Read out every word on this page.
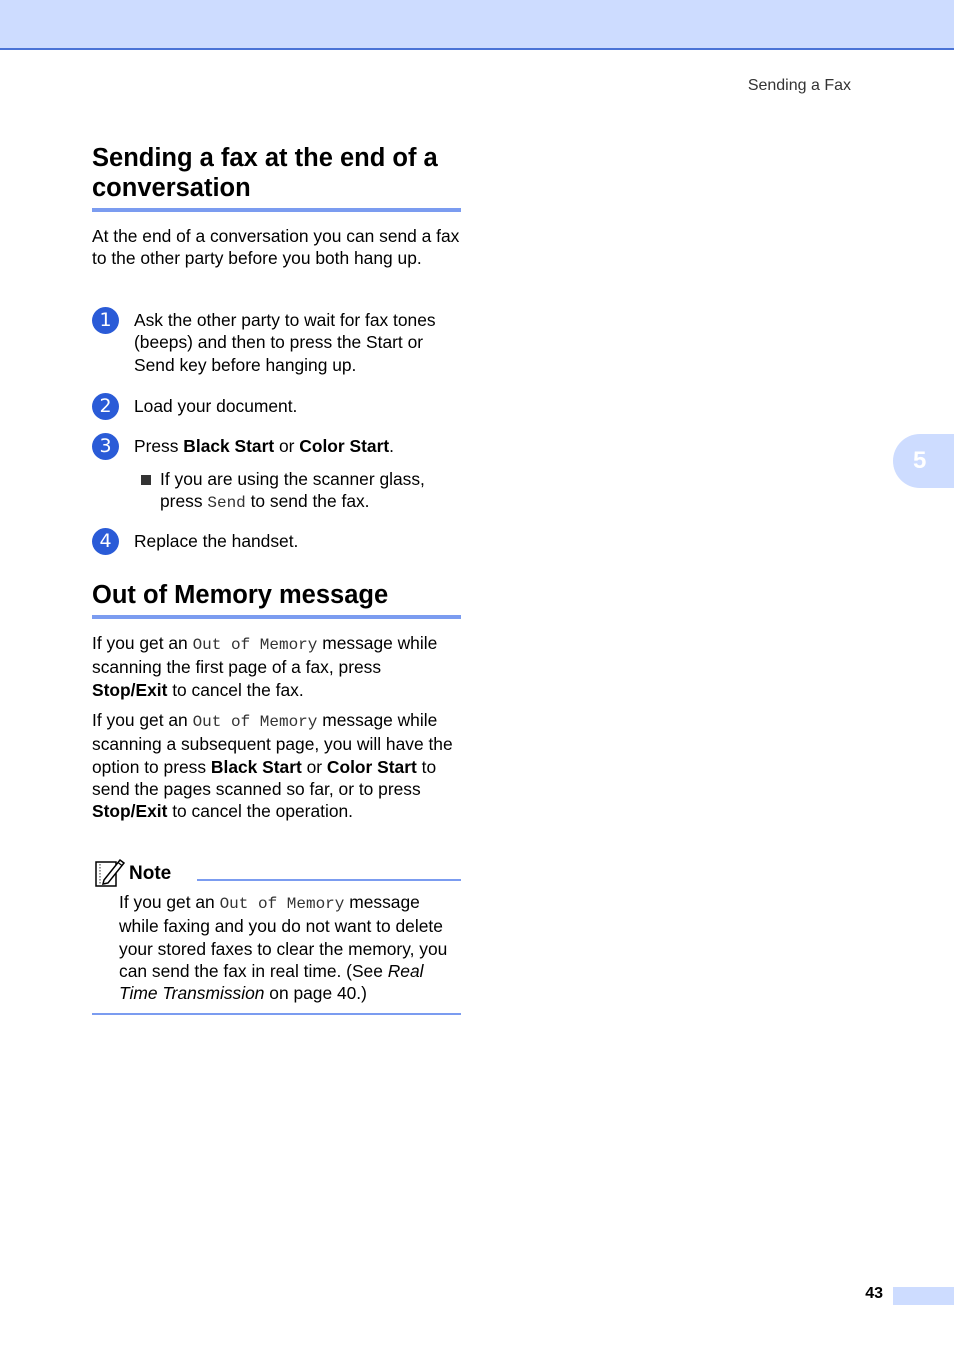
Sending a Fax
5
Sending a fax at the end of a
conversation

At the end of a conversation you can send a fax to the other party before you both hang up.

1	Ask the other party to wait for fax tones (beeps) and then to press the Start or Send key before hanging up.

2	Load your document.

3	Press Black Start or Color Start.

If you are using the scanner glass, press Send to send the fax.

4	Replace the handset.

Out of Memory message

If you get an Out of Memory message while scanning the first page of a fax, press Stop/Exit to cancel the fax.

If you get an Out of Memory message while scanning a subsequent page, you will have the option to press Black Start or Color Start to send the pages scanned so far, or to press Stop/Exit to cancel the operation.

Note

If you get an Out of Memory message while faxing and you do not want to delete your stored faxes to clear the memory, you can send the fax in real time. (See Real Time Transmission on page 40.)

43
